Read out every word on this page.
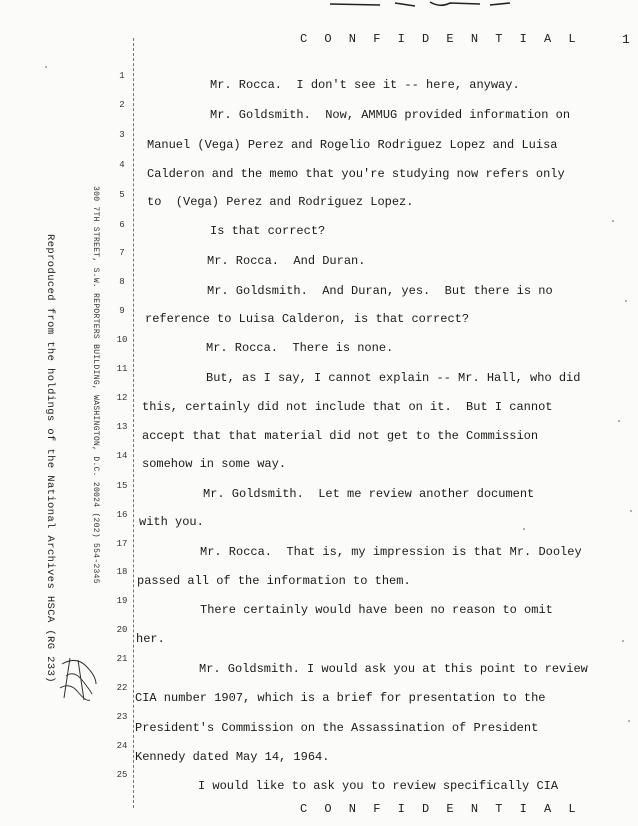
C O N F I D E N T I A L	1
300 7TH STREET, S.W. REPORTERS BUILDING, WASHINGTON, D.C. 20024 (202) 554-2345
Reproduced from the holdings of the National Archives HSCA (RG 233)
1
2
3
4
5
6
7
8
9
10
11
12
13
14
15
16
17
18
19
20
21
22
23
24
25
Mr. Rocca.  I don't see it -- here, anyway.
Mr. Goldsmith.  Now, AMMUG provided information on
Manuel (Vega) Perez and Rogelio Rodriguez Lopez and Luisa
Calderon and the memo that you're studying now refers only
to  (Vega) Perez and Rodriguez Lopez.
Is that correct?
Mr. Rocca.  And Duran.
Mr. Goldsmith.  And Duran, yes.  But there is no
reference to Luisa Calderon, is that correct?
Mr. Rocca.  There is none.
But, as I say, I cannot explain -- Mr. Hall, who did
this, certainly did not include that on it.  But I cannot
accept that that material did not get to the Commission
somehow in some way.
Mr. Goldsmith.  Let me review another document
with you.
Mr. Rocca.  That is, my impression is that Mr. Dooley
passed all of the information to them.
There certainly would have been no reason to omit
her.
Mr. Goldsmith. I would ask you at this point to review
CIA number 1907, which is a brief for presentation to the
President's Commission on the Assassination of President
Kennedy dated May 14, 1964.
I would like to ask you to review specifically CIA
C O N F I D E N T I A L
